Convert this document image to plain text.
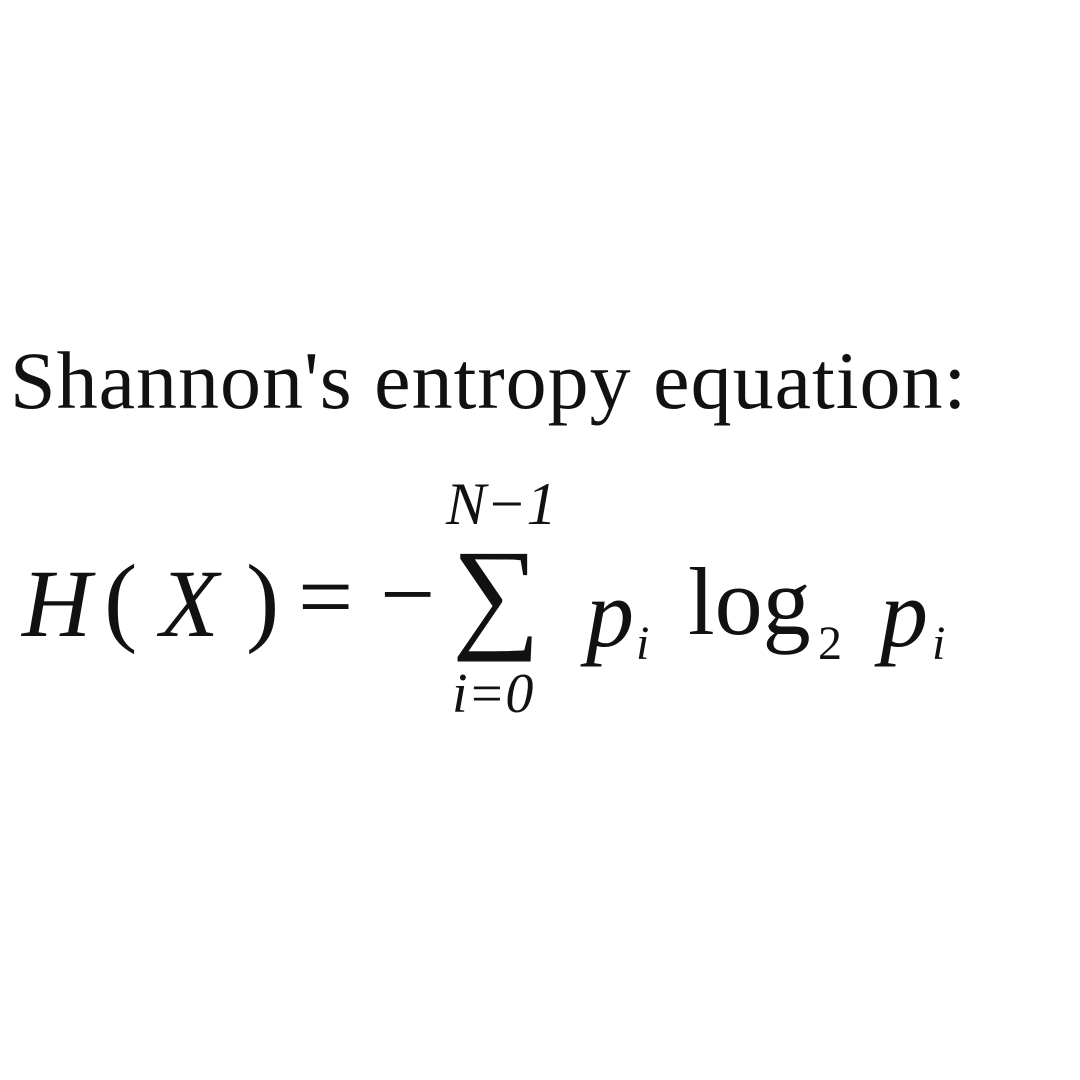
Shannon's entropy equation:
H ( X ) = −
N−1
∑
i=0
p i log 2 p i
